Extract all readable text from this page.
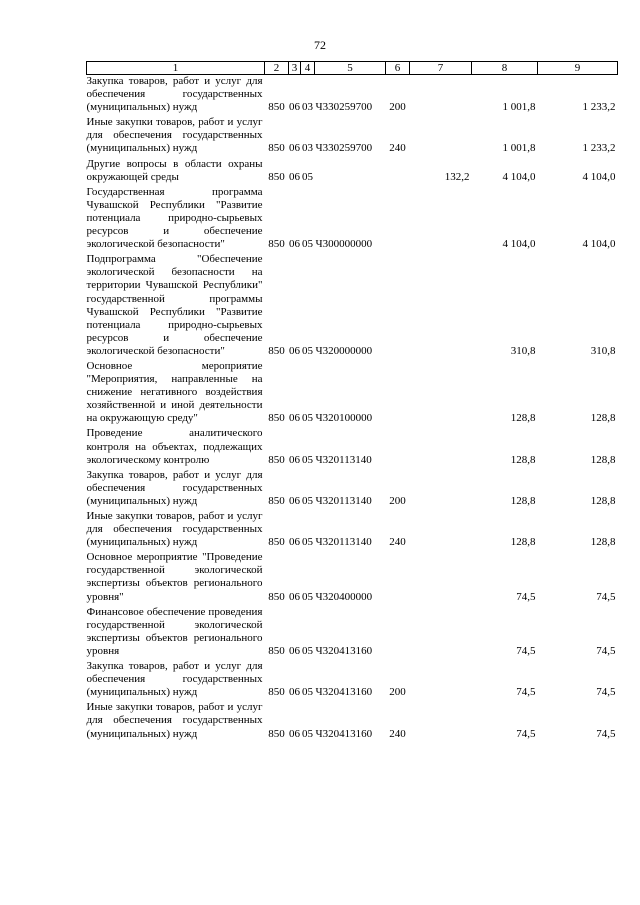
72
1	2	3	4	5	6	7	8	9
Закупка товаров, работ и услуг для обеспечения государственных (муниципальных) нужд	850	06	03	Ч330259700	200		1 001,8	1 233,2
Иные закупки товаров, работ и услуг для обеспечения государственных (муниципальных) нужд	850	06	03	Ч330259700	240		1 001,8	1 233,2
Другие вопросы в области охраны окружающей среды	850	06	05			132,2	4 104,0	4 104,0
Государственная программа Чувашской Республики "Развитие потенциала природно-сырьевых ресурсов и обеспечение экологической безопасности"	850	06	05	Ч300000000			4 104,0	4 104,0
Подпрограмма "Обеспечение экологической безопасности на территории Чувашской Республики" государственной программы Чувашской Республики "Развитие потенциала природно-сырьевых ресурсов и обеспечение экологической безопасности"	850	06	05	Ч320000000			310,8	310,8
Основное мероприятие "Мероприятия, направленные на снижение негативного воздействия хозяйственной и иной деятельности на окружающую среду"	850	06	05	Ч320100000			128,8	128,8
Проведение аналитического контроля на объектах, подлежащих экологическому контролю	850	06	05	Ч320113140			128,8	128,8
Закупка товаров, работ и услуг для обеспечения государственных (муниципальных) нужд	850	06	05	Ч320113140	200		128,8	128,8
Иные закупки товаров, работ и услуг для обеспечения государственных (муниципальных) нужд	850	06	05	Ч320113140	240		128,8	128,8
Основное мероприятие "Проведение государственной экологической экспертизы объектов регионального уровня"	850	06	05	Ч320400000			74,5	74,5
Финансовое обеспечение проведения государственной экологической экспертизы объектов регионального уровня	850	06	05	Ч320413160			74,5	74,5
Закупка товаров, работ и услуг для обеспечения государственных (муниципальных) нужд	850	06	05	Ч320413160	200		74,5	74,5
Иные закупки товаров, работ и услуг для обеспечения государственных (муниципальных) нужд	850	06	05	Ч320413160	240		74,5	74,5
